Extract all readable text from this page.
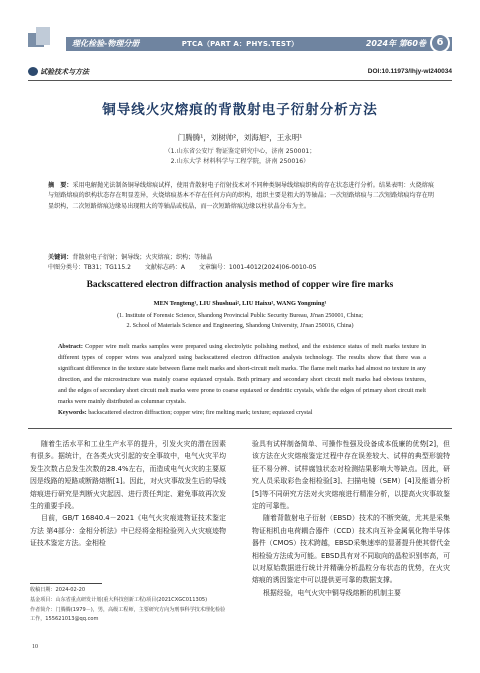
理化检验-物理分册	PTCA（PART A：PHYS.TEST）	2024年 第60卷	6
试验技术与方法	DOI:10.11973/lhjy-wl240034
铜导线火灾熔痕的背散射电子衍射分析方法
门腾腾¹，刘树帅²，刘海旭²，王永明¹
（1.山东省公安厅 物证鉴定研究中心，济南 250001；
2.山东大学 材料科学与工程学院，济南 250016）
摘　要：采用电解抛光法制备铜导线熔痕试样，使用背散射电子衍射技术对不同种类铜导线熔痕织构的存在状态进行分析。结果表明：火烧熔痕与短路熔痕的织构状态存在明显差异，火烧熔痕基本不存在任何方向的织构，组织主要是粗大的等轴晶；一次短路熔痕与二次短路熔痕均存在明显织构，二次短路熔痕边缘易出现粗大的等轴晶或枝晶，而一次短路熔痕边缘以柱状晶分布为主。
关键词：背散射电子衍射；铜导线；火灾熔痕；织构；等轴晶
中图分类号：TB31；TG115.2 文献标志码：A 文章编号：1001-4012(2024)06-0010-05
Backscattered electron diffraction analysis method of copper wire fire marks
MEN Tengteng¹, LIU Shushuai², LIU Haixu², WANG Yongming¹
(1. Institute of Forensic Science, Shandong Provincial Public Security Bureau, Ji'nan 250001, China;
2. School of Materials Science and Engineering, Shandong University, Ji'nan 250016, China)
Abstract: Copper wire melt marks samples were prepared using electrolytic polishing method, and the existence status of melt marks texture in different types of copper wires was analyzed using backscattered electron diffraction analysis technology. The results show that there was a significant difference in the texture state between flame melt marks and short-circuit melt marks. The flame melt marks had almost no texture in any direction, and the microstructure was mainly coarse equiaxed crystals. Both primary and secondary short circuit melt marks had obvious textures, and the edges of secondary short circuit melt marks were prone to coarse equiaxed or dendritic crystals, while the edges of primary short circuit melt marks were mainly distributed as columnar crystals.
Keywords: backscattered electron diffraction; copper wire; fire melting mark; texture; equiaxed crystal

随着生活水平和工业生产水平的提升，引发火灾的潜在因素有很多。据统计，在各类火灾引起的安全事故中，电气火灾平均发生次数占总发生次数的28.4%左右，而造成电气火灾的主要原因是线路的短路或断路熔断[1]。因此，对火灾事故发生后的导线熔痕进行研究是判断火灾起因、进行责任判定、避免事故再次发生的重要手段。

目前，GB/T 16840.4－2021《电气火灾痕迹物证技术鉴定方法 第4部分：金相分析法》中已经将金相检验列入火灾痕迹物证技术鉴定方法。金相检

验具有试样制备简单、可操作性强及设备成本低廉的优势[2]，但该方法在火灾熔痕鉴定过程中存在误差较大、试样的典型形貌特征不易分辨、试样腐蚀状态对检测结果影响大等缺点。因此，研究人员采取彩色金相检验[3]、扫描电镜（SEM）[4]及能谱分析[5]等不同研究方法对火灾熔痕进行精准分析，以提高火灾事故鉴定的可靠性。

随着背散射电子衍射（EBSD）技术的不断突破，尤其是采集物证相机由电荷耦合器件（CCD）技术向互补金属氧化物半导体器件（CMOS）技术跨越，EBSD采集速率的显著提升使其替代金相检验方法成为可能。EBSD具有对不同取向的晶粒识别率高，可以对原始数据进行统计并精确分析晶粒分布状态的优势，在火灾熔痕的诱因鉴定中可以提供更可靠的数据支撑。

根据经验，电气火灾中铜导线熔断的机制主要

收稿日期：2024-02-20
基金项目：山东省重点研发计划(重大科技创新工程)项目(2021CXGC011305)
作者简介：门腾腾(1979－)，男，高级工程师，主要研究方向为刑事科学技术理化检验工作，155621013@qq.com
10
